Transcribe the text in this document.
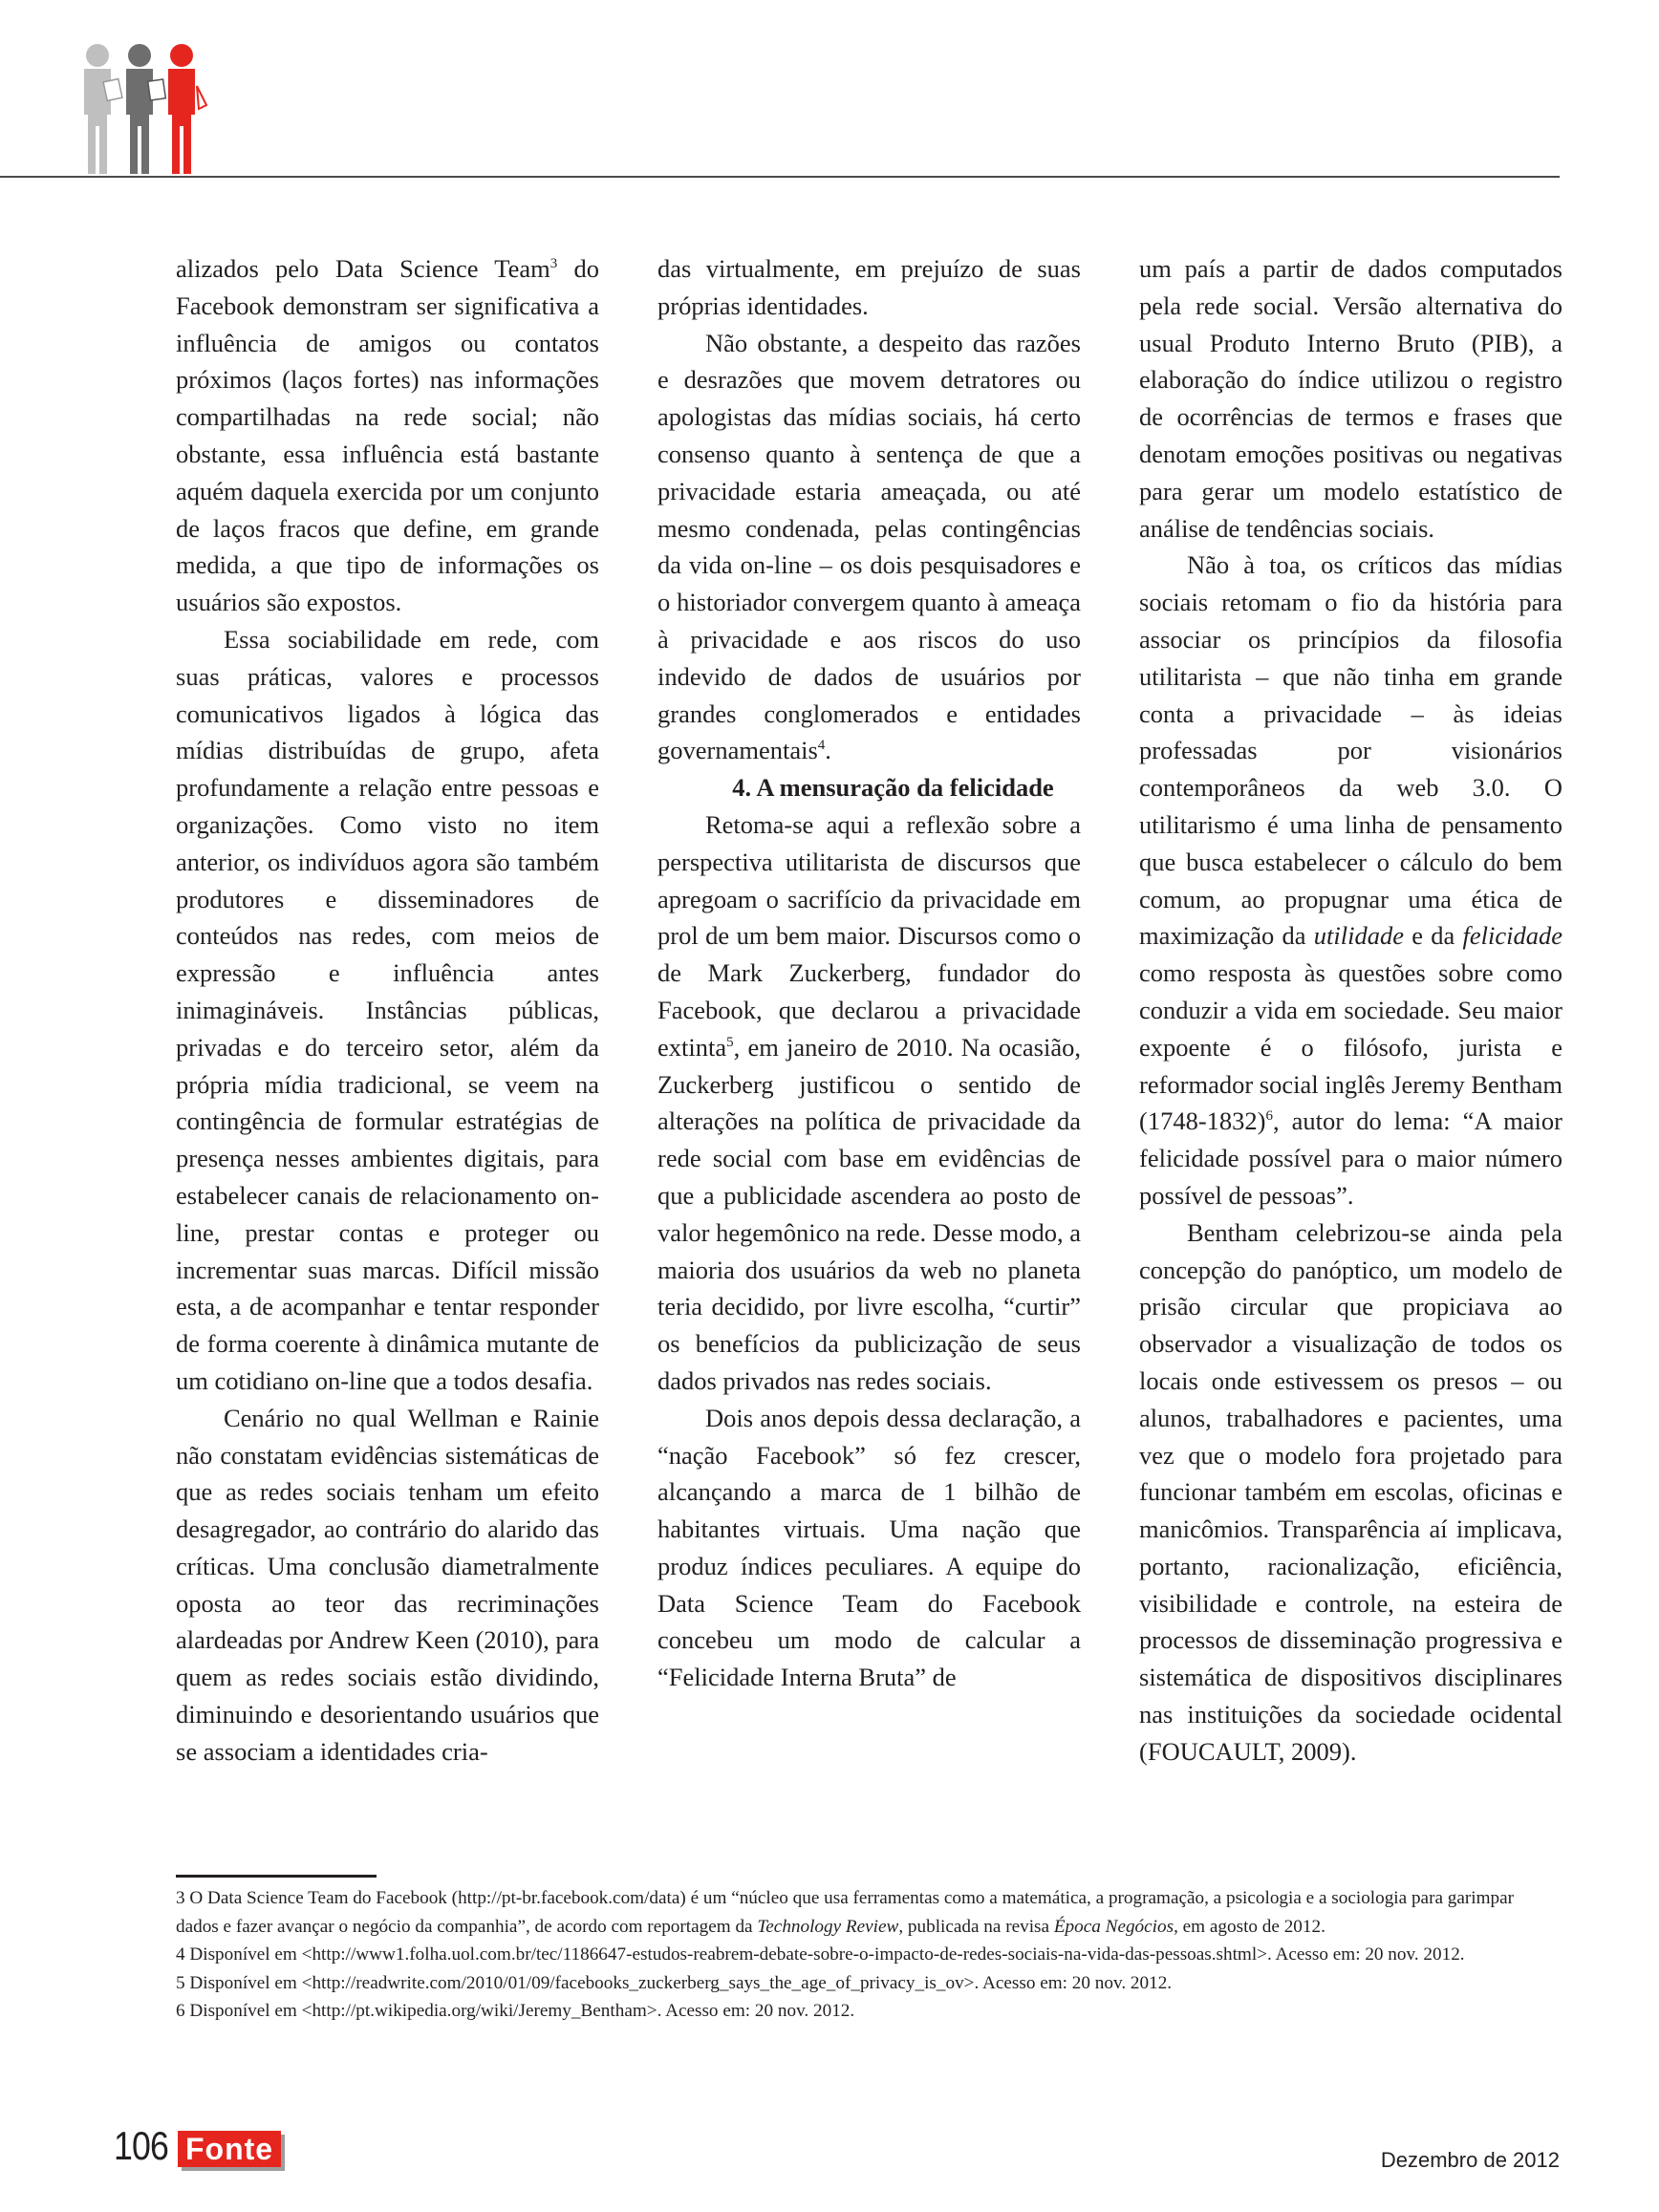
alizados pelo Data Science Team$^3$ do Facebook demonstram ser significativa a influência de amigos ou contatos próximos (laços fortes) nas informações compartilhadas na rede social; não obstante, essa influência está bastante aquém daquela exercida por um conjunto de laços fracos que define, em grande medida, a que tipo de informações os usuários são expostos.

Essa sociabilidade em rede, com suas práticas, valores e processos comunicativos ligados à lógica das mídias distribuídas de grupo, afeta profundamente a relação entre pessoas e organizações. Como visto no item anterior, os indivíduos agora são também produtores e disseminadores de conteúdos nas redes, com meios de expressão e influência antes inimagináveis. Instâncias públicas, privadas e do terceiro setor, além da própria mídia tradicional, se veem na contingência de formular estratégias de presença nesses ambientes digitais, para estabelecer canais de relacionamento on-line, prestar contas e proteger ou incrementar suas marcas. Difícil missão esta, a de acompanhar e tentar responder de forma coerente à dinâmica mutante de um cotidiano on-line que a todos desafia.

Cenário no qual Wellman e Rainie não constatam evidências sistemáticas de que as redes sociais tenham um efeito desagregador, ao contrário do alarido das críticas. Uma conclusão diametralmente oposta ao teor das recriminações alardeadas por Andrew Keen (2010), para quem as redes sociais estão dividindo, diminuindo e desorientando usuários que se associam a identidades cria-

das virtualmente, em prejuízo de suas próprias identidades.

Não obstante, a despeito das razões e desrazões que movem detratores ou apologistas das mídias sociais, há certo consenso quanto à sentença de que a privacidade estaria ameaçada, ou até mesmo condenada, pelas contingências da vida on-line – os dois pesquisadores e o historiador convergem quanto à ameaça à privacidade e aos riscos do uso indevido de dados de usuários por grandes conglomerados e entidades governamentais$^4$.

4. A mensuração da felicidade

Retoma-se aqui a reflexão sobre a perspectiva utilitarista de discursos que apregoam o sacrifício da privacidade em prol de um bem maior. Discursos como o de Mark Zuckerberg, fundador do Facebook, que declarou a privacidade extinta$^5$, em janeiro de 2010. Na ocasião, Zuckerberg justificou o sentido de alterações na política de privacidade da rede social com base em evidências de que a publicidade ascendera ao posto de valor hegemônico na rede. Desse modo, a maioria dos usuários da web no planeta teria decidido, por livre escolha, “curtir” os benefícios da publicização de seus dados privados nas redes sociais.

Dois anos depois dessa declaração, a “nação Facebook” só fez crescer, alcançando a marca de 1 bilhão de habitantes virtuais. Uma nação que produz índices peculiares. A equipe do Data Science Team do Facebook concebeu um modo de calcular a “Felicidade Interna Bruta” de

um país a partir de dados computados pela rede social. Versão alternativa do usual Produto Interno Bruto (PIB), a elaboração do índice utilizou o registro de ocorrências de termos e frases que denotam emoções positivas ou negativas para gerar um modelo estatístico de análise de tendências sociais.

Não à toa, os críticos das mídias sociais retomam o fio da história para associar os princípios da filosofia utilitarista – que não tinha em grande conta a privacidade – às ideias professadas por visionários contemporâneos da web 3.0. O utilitarismo é uma linha de pensamento que busca estabelecer o cálculo do bem comum, ao propugnar uma ética de maximização da utilidade e da felicidade como resposta às questões sobre como conduzir a vida em sociedade. Seu maior expoente é o filósofo, jurista e reformador social inglês Jeremy Bentham (1748-1832)$^6$, autor do lema: “A maior felicidade possível para o maior número possível de pessoas”.

Bentham celebrizou-se ainda pela concepção do panóptico, um modelo de prisão circular que propiciava ao observador a visualização de todos os locais onde estivessem os presos – ou alunos, trabalhadores e pacientes, uma vez que o modelo fora projetado para funcionar também em escolas, oficinas e manicômios. Transparência aí implicava, portanto, racionalização, eficiência, visibilidade e controle, na esteira de processos de disseminação progressiva e sistemática de dispositivos disciplinares nas instituições da sociedade ocidental (FOUCAULT, 2009).

3 O Data Science Team do Facebook (http://pt-br.facebook.com/data) é um “núcleo que usa ferramentas como a matemática, a programação, a psicologia e a sociologia para garimpar dados e fazer avançar o negócio da companhia”, de acordo com reportagem da Technology Review, publicada na revisa Época Negócios, em agosto de 2012.
4 Disponível em <http://www1.folha.uol.com.br/tec/1186647-estudos-reabrem-debate-sobre-o-impacto-de-redes-sociais-na-vida-das-pessoas.shtml>. Acesso em: 20 nov. 2012.
5 Disponível em <http://readwrite.com/2010/01/09/facebooks_zuckerberg_says_the_age_of_privacy_is_ov>. Acesso em: 20 nov. 2012.
6 Disponível em <http://pt.wikipedia.org/wiki/Jeremy_Bentham>. Acesso em: 20 nov. 2012.
106 Fonte	Dezembro de 2012
